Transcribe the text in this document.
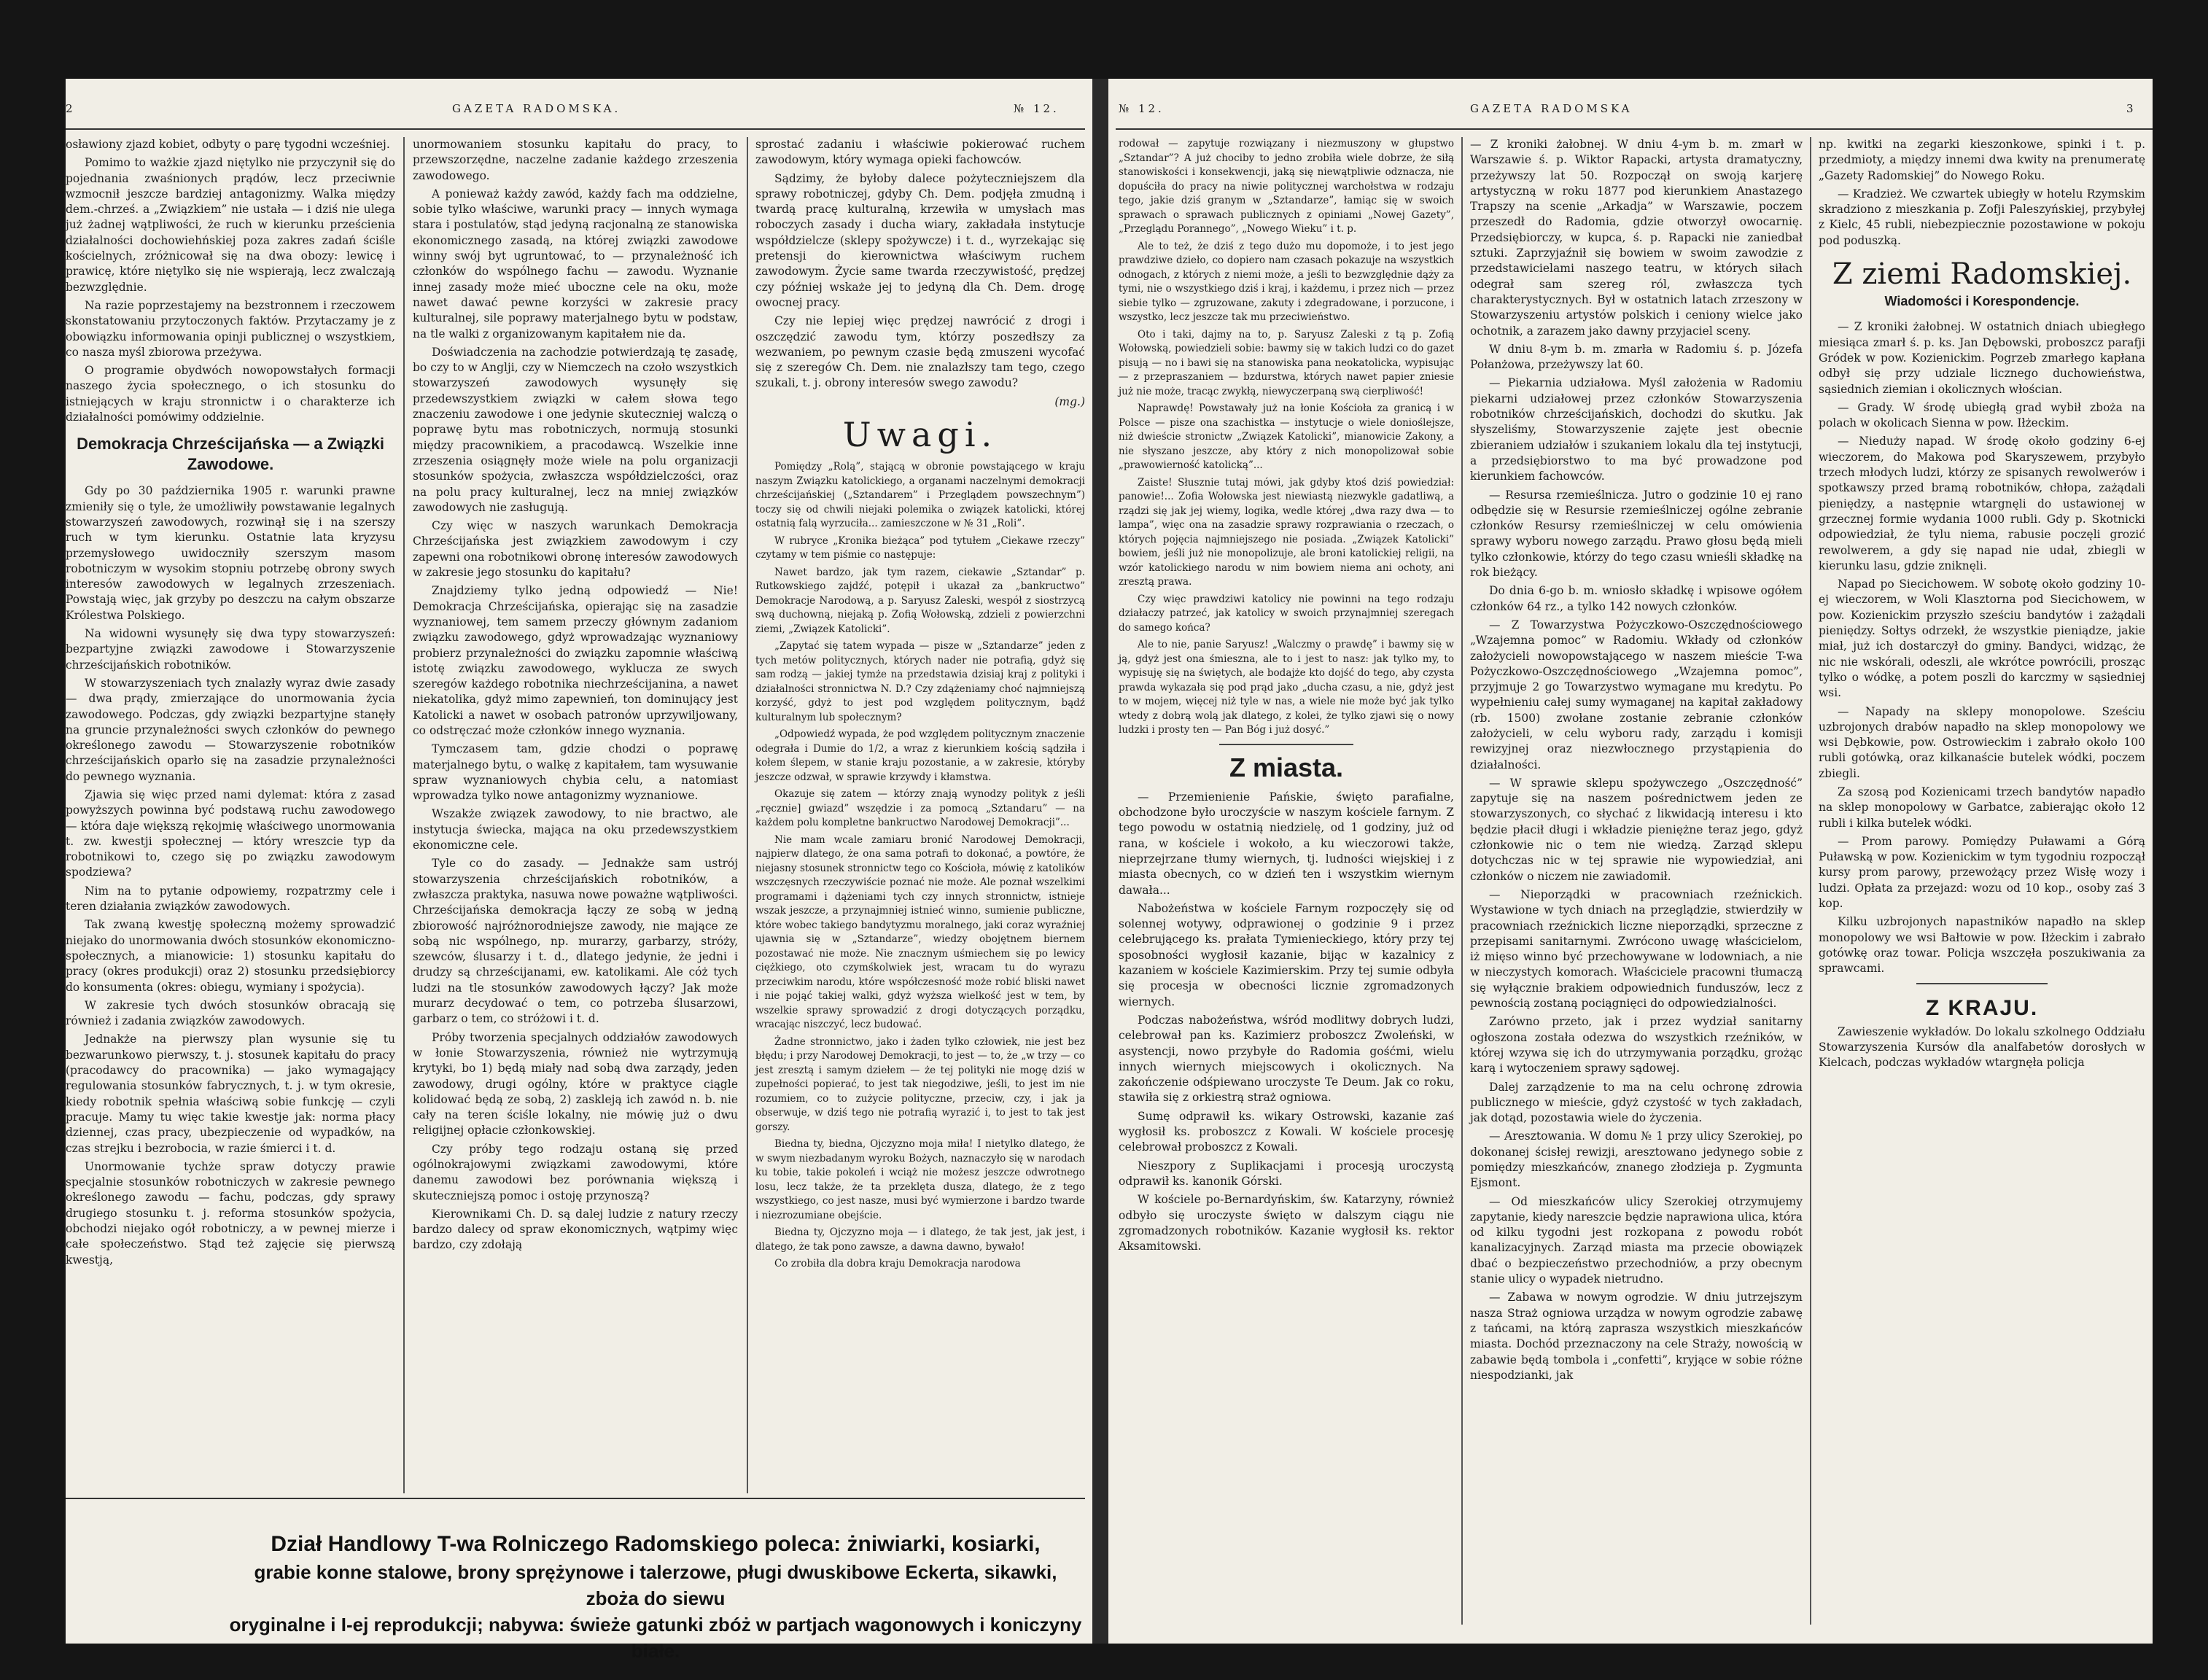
2	GAZETA RADOMSKA.	№ 12.

osławiony zjazd kobiet, odbyty o parę tygodni wcześniej.

Pomimo to ważkie zjazd niętylko nie przyczynił się do pojednania zwaśnionych prądów, lecz przeciwnie wzmocnił jeszcze bardziej antagonizmy. Walka między dem.-chrześ. a „Związkiem” nie ustała — i dziś nie ulega już żadnej wątpliwości, że ruch w kierunku prześcienia działalności dochowiehńskiej poza zakres zadań ściśle kościelnych, zróżnicował się na dwa obozy: lewicę i prawicę, które niętylko się nie wspierają, lecz zwalczają bezwzględnie.

Na razie poprzestajemy na bezstronnem i rzeczowem skonstatowaniu przytoczonych faktów. Przytaczamy je z obowiązku informowania opinji publicznej o wszystkiem, co nasza myśl zbiorowa przeżywa.

O programie obydwóch nowopowstałych formacji naszego życia społecznego, o ich stosunku do istniejących w kraju stronnictw i o charakterze ich działalności pomówimy oddzielnie.

Demokracja Chrześcijańska — a Związki Zawodowe.

Gdy po 30 października 1905 r. warunki prawne zmieniły się o tyle, że umożliwiły powstawanie legalnych stowarzyszeń zawodowych, rozwinął się i na szerszy ruch w tym kierunku. Ostatnie lata kryzysu przemysłowego uwidoczniły szerszym masom robotniczym w wysokim stopniu potrzebę obrony swych interesów zawodowych w legalnych zrzeszeniach. Powstają więc, jak grzyby po deszczu na całym obszarze Królestwa Polskiego.

Na widowni wysunęły się dwa typy stowarzyszeń: bezpartyjne związki zawodowe i Stowarzyszenie chrześcijańskich robotników.

W stowarzyszeniach tych znalazły wyraz dwie zasady — dwa prądy, zmierzające do unormowania życia zawodowego. Podczas, gdy związki bezpartyjne stanęły na gruncie przynależności swych członków do pewnego określonego zawodu — Stowarzyszenie robotników chrześcijańskich oparło się na zasadzie przynależności do pewnego wyznania.

Zjawia się więc przed nami dylemat: która z zasad powyższych powinna być podstawą ruchu zawodowego — która daje większą rękojmię właściwego unormowania t. zw. kwestji społecznej — który wreszcie typ da robotnikowi to, czego się po związku zawodowym spodziewa?

Nim na to pytanie odpowiemy, rozpatrzmy cele i teren działania związków zawodowych.

Tak zwaną kwestję społeczną możemy sprowadzić niejako do unormowania dwóch stosunków ekonomiczno-społecznych, a mianowicie: 1) stosunku kapitału do pracy (okres produkcji) oraz 2) stosunku przedsiębiorcy do konsumenta (okres: obiegu, wymiany i spożycia).

W zakresie tych dwóch stosunków obracają się również i zadania związków zawodowych.

Jednakże na pierwszy plan wysunie się tu bezwarunkowo pierwszy, t. j. stosunek kapitału do pracy (pracodawcy do pracownika) — jako wymagający regulowania stosunków fabrycznych, t. j. w tym okresie, kiedy robotnik spełnia właściwą sobie funkcję — czyli pracuje. Mamy tu więc takie kwestje jak: norma płacy dziennej, czas pracy, ubezpieczenie od wypadków, na czas strejku i bezrobocia, w razie śmierci i t. d.

Unormowanie tychże spraw dotyczy prawie specjalnie stosunków robotniczych w zakresie pewnego określonego zawodu — fachu, podczas, gdy sprawy drugiego stosunku t. j. reforma stosunków spożycia, obchodzi niejako ogół robotniczy, a w pewnej mierze i całe społeczeństwo. Stąd też zajęcie się pierwszą kwestją,

unormowaniem stosunku kapitału do pracy, to przewszorzędne, naczelne zadanie każdego zrzeszenia zawodowego.

A ponieważ każdy zawód, każdy fach ma oddzielne, sobie tylko właściwe, warunki pracy — innych wymaga stara i postulatów, stąd jedyną racjonalną ze stanowiska ekonomicznego zasadą, na której związki zawodowe winny swój byt ugruntować, to — przynależność ich członków do wspólnego fachu — zawodu. Wyznanie innej zasady może mieć uboczne cele na oku, może nawet dawać pewne korzyści w zakresie pracy kulturalnej, sile poprawy materjalnego bytu w podstaw, na tle walki z organizowanym kapitałem nie da.

Doświadczenia na zachodzie potwierdzają tę zasadę, bo czy to w Anglji, czy w Niemczech na czoło wszystkich stowarzyszeń zawodowych wysunęły się przedewszystkiem związki w całem słowa tego znaczeniu zawodowe i one jedynie skuteczniej walczą o poprawę bytu mas robotniczych, normują stosunki między pracownikiem, a pracodawcą. Wszelkie inne zrzeszenia osiągnęły może wiele na polu organizacji stosunków spożycia, zwłaszcza współdzielczości, oraz na polu pracy kulturalnej, lecz na mniej związków zawodowych nie zasługują.

Czy więc w naszych warunkach Demokracja Chrześcijańska jest związkiem zawodowym i czy zapewni ona robotnikowi obronę interesów zawodowych w zakresie jego stosunku do kapitału?

Znajdziemy tylko jedną odpowiedź — Nie! Demokracja Chrześcijańska, opierając się na zasadzie wyznaniowej, tem samem przeczy głównym zadaniom związku zawodowego, gdyż wprowadzając wyznaniowy probierz przynależności do związku zapomnie właściwą istotę związku zawodowego, wyklucza ze swych szeregów każdego robotnika niechrześcijanina, a nawet niekatolika, gdyż mimo zapewnień, ton dominujący jest Katolicki a nawet w osobach patronów uprzywiljowany, co odstręczać może członków innego wyznania.

Tymczasem tam, gdzie chodzi o poprawę materjalnego bytu, o walkę z kapitałem, tam wysuwanie spraw wyznaniowych chybia celu, a natomiast wprowadza tylko nowe antagonizmy wyznaniowe.

Wszakże związek zawodowy, to nie bractwo, ale instytucja świecka, mająca na oku przedewszystkiem ekonomiczne cele.

Tyle co do zasady. — Jednakże sam ustrój stowarzyszenia chrześcijańskich robotników, a zwłaszcza praktyka, nasuwa nowe poważne wątpliwości. Chrześcijańska demokracja łączy ze sobą w jedną zbiorowość najróżnorodniejsze zawody, nie mające ze sobą nic wspólnego, np. murarzy, garbarzy, stróży, szewców, ślusarzy i t. d., dlatego jedynie, że jedni i drudzy są chrześcijanami, ew. katolikami. Ale cóż tych ludzi na tle stosunków zawodowych łączy? Jak może murarz decydować o tem, co potrzeba ślusarzowi, garbarz o tem, co stróżowi i t. d.

Próby tworzenia specjalnych oddziałów zawodowych w łonie Stowarzyszenia, również nie wytrzymują krytyki, bo 1) będą miały nad sobą dwa zarządy, jeden zawodowy, drugi ogólny, które w praktyce ciągle kolidować będą ze sobą, 2) zaskleją ich zawód n. b. nie cały na teren ściśle lokalny, nie mówię już o dwu religijnej opłacie członkowskiej.

Czy próby tego rodzaju ostaną się przed ogólnokrajowymi związkami zawodowymi, które danemu zawodowi bez porównania większą i skuteczniejszą pomoc i ostoję przynoszą?

Kierownikami Ch. D. są dalej ludzie z natury rzeczy bardzo dalecy od spraw ekonomicznych, wątpimy więc bardzo, czy zdołają

sprostać zadaniu i właściwie pokierować ruchem zawodowym, który wymaga opieki fachowców.

Sądzimy, że byłoby dalece pożyteczniejszem dla sprawy robotniczej, gdyby Ch. Dem. podjęła zmudną i twardą pracę kulturalną, krzewiła w umysłach mas roboczych zasady i ducha wiary, zakładała instytucje współdzielcze (sklepy spożywcze) i t. d., wyrzekając się pretensji do kierownictwa właściwym ruchem zawodowym. Życie same twarda rzeczywistość, prędzej czy później wskaże jej to jedyną dla Ch. Dem. drogę owocnej pracy.

Czy nie lepiej więc prędzej nawrócić z drogi i oszczędzić zawodu tym, którzy poszedłszy za wezwaniem, po pewnym czasie będą zmuszeni wycofać się z szeregów Ch. Dem. nie znalazłszy tam tego, czego szukali, t. j. obrony interesów swego zawodu?

(mg.)
Uwagi.

Pomiędzy „Rolą”, stającą w obronie powstającego w kraju naszym Związku katolickiego, a organami naczelnymi demokracji chrześcijańskiej („Sztandarem” i Przeglądem powszechnym”) toczy się od chwili niejaki polemika o związek katolicki, której ostatnią falą wyrzuciła... zamieszczone w № 31 „Roli”.

W rubryce „Kronika bieżąca” pod tytułem „Ciekawe rzeczy” czytamy w tem piśmie co następuje:

Nawet bardzo, jak tym razem, ciekawie „Sztandar” p. Rutkowskiego zajdźć, potępił i ukazał za „bankructwo” Demokracje Narodową, a p. Saryusz Zaleski, wespół z siostrzycą swą duchowną, niejaką p. Zofią Wołowską, zdzieli z powierzchni ziemi, „Związek Katolicki”.

„Zapytać się tatem wypada — pisze w „Sztandarze” jeden z tych metów politycznych, których nader nie potrafią, gdyż się sam rodzą — jakiej tymże na przedstawia dzisiaj kraj z polityki i działalności stronnictwa N. D.? Czy zdążeniamy choć najmniejszą korzyść, gdyż to jest pod względem politycznym, bądź kulturalnym lub społecznym?

„Odpowiedź wypada, że pod względem politycznym znaczenie odegrała i Dumie do 1/2, a wraz z kierunkiem kością sądziła i kołem ślepem, w stanie kraju pozostanie, a w zakresie, któryby jeszcze odzwał, w sprawie krzywdy i kłamstwa.

Okazuje się zatem — którzy znają wynodzy polityk z jeśli „ręcznie] gwiazd” wszędzie i za pomocą „Sztandaru” — na każdem polu kompletne bankructwo Narodowej Demokracji”...

Nie mam wcale zamiaru bronić Narodowej Demokracji, najpierw dlatego, że ona sama potrafi to dokonać, a powtóre, że niejasny stosunek stronnictw tego co Kościoła, mówię z katolików wszczęsnych rzeczywiście poznać nie może. Ale poznał wszelkimi programami i dążeniami tych czy innych stronnictw, istnieje wszak jeszcze, a przynajmniej istnieć winno, sumienie publiczne, które wobec takiego bandytyzmu moralnego, jaki coraz wyraźniej ujawnia się w „Sztandarze”, wiedzy obojętnem biernem pozostawać nie może. Nie znacznym uśmiechem się po lewicy ciężkiego, oto czymśkolwiek jest, wracam tu do wyrazu przeciwkim narodu, które współczesność może robić bliski nawet i nie pojąć takiej walki, gdyż wyższa wielkość jest w tem, by wszelkie sprawy sprowadzić z drogi dotyczących porządku, wracając niszczyć, lecz budować.

Żadne stronnictwo, jako i żaden tylko człowiek, nie jest bez błędu; i przy Narodowej Demokracji, to jest — to, że „w trzy — co jest zresztą i samym dziełem — że tej polityki nie mogę dziś w zupełności popierać, to jest tak niegodziwe, jeśli, to jest im nie rozumiem, co to zużycie polityczne, przeciw, czy, i jak ja obserwuje, w dziś tego nie potrafią wyrazić i, to jest to tak jest gorszy.

Biedna ty, biedna, Ojczyzno moja miła! I nietylko dlatego, że w swym niezbadanym wyroku Bożych, naznaczyło się w narodach ku tobie, takie pokoleń i wciąż nie możesz jeszcze odwrotnego losu, lecz także, że ta przeklęta dusza, dlatego, że z tego wszystkiego, co jest nasze, musi być wymierzone i bardzo twarde i niezrozumiane obejście.

Biedna ty, Ojczyzno moja — i dlatego, że tak jest, jak jest, i dlatego, że tak pono zawsze, a dawna dawno, bywało!

Co zrobiła dla dobra kraju Demokracja narodowa

Dział Handlowy T-wa Rolniczego Radomskiego poleca: żniwiarki, kosiarki,
grabie konne stalowe, brony sprężynowe i talerzowe, pługi dwuskibowe Eckerta, sikawki, zboża do siewu
oryginalne i I-ej reprodukcji; nabywa: świeże gatunki zbóż w partjach wagonowych i koniczyny białe.
№ 12.	GAZETA RADOMSKA	3

rodował — zapytuje rozwiązany i niezmuszony w głupstwo „Sztandar”? A już chociby to jedno zrobiła wiele dobrze, że siłą stanowiskości i konsekwencji, jaką się niewątpliwie odznacza, nie dopuściła do pracy na niwie politycznej warchołstwa w rodzaju tego, jakie dziś granym w „Sztandarze”, łamiąc się w swoich sprawach o sprawach publicznych z opiniami „Nowej Gazety”, „Przeglądu Porannego”, „Nowego Wieku” i t. p.

Ale to też, że dziś z tego dużo mu dopomoże, i to jest jego prawdziwe dzieło, co dopiero nam czasach pokazuje na wszystkich odnogach, z których z niemi może, a jeśli to bezwzględnie dąży za tymi, nie o wszystkiego dziś i kraj, i każdemu, i przez nich — przez siebie tylko — zgruzowane, zakuty i zdegradowane, i porzucone, i wszystko, lecz jeszcze tak mu przeciwieństwo.

Oto i taki, dajmy na to, p. Saryusz Zaleski z tą p. Zofią Wołowską, powiedzieli sobie: bawmy się w takich ludzi co do gazet pisują — no i bawi się na stanowiska pana neokatolicka, wypisując — z przepraszaniem — bzdurstwa, których nawet papier zniesie już nie może, tracąc zwykłą, niewyczerpaną swą cierpliwość!

Naprawdę! Powstawały już na łonie Kościoła za granicą i w Polsce — pisze ona szachistka — instytucje o wiele donioślejsze, niż dwieście stronictw „Związek Katolicki”, mianowicie Zakony, a nie słyszano jeszcze, aby który z nich monopolizował sobie „prawowierność katolicką”...

Zaiste! Słusznie tutaj mówi, jak gdyby ktoś dziś powiedział: panowie!... Zofia Wołowska jest niewiastą niezwykle gadatliwą, a rządzi się jak jej wiemy, logika, wedle której „dwa razy dwa — to lampa”, więc ona na zasadzie sprawy rozprawiania o rzeczach, o których pojęcia najmniejszego nie posiada. „Związek Katolicki” bowiem, jeśli już nie monopolizuje, ale broni katolickiej religii, na wzór katolickiego narodu w nim bowiem niema ani ochoty, ani zresztą prawa.

Czy więc prawdziwi katolicy nie powinni na tego rodzaju działaczy patrzeć, jak katolicy w swoich przynajmniej szeregach do samego końca?

Ale to nie, panie Saryusz! „Walczmy o prawdę” i bawmy się w ją, gdyż jest ona śmieszna, ale to i jest to nasz: jak tylko my, to wypisuję się na świętych, ale bodajże kto dojść do tego, aby czysta prawda wykazała się pod prąd jako „ducha czasu, a nie, gdyż jest to w mojem, więcej niż tyle w nas, a wiele nie może być jak tylko wtedy z dobrą wolą jak dlatego, z kolei, że tylko zjawi się o nowy ludzki i prosty ten — Pan Bóg i już dosyć.”

Z miasta.

— Przemienienie Pańskie, święto parafialne, obchodzone było uroczyście w naszym kościele farnym. Z tego powodu w ostatnią niedzielę, od 1 godziny, już od rana, w kościele i wokoło, a ku wieczorowi także, nieprzejrzane tłumy wiernych, tj. ludności wiejskiej i z miasta obecnych, co w dzień ten i wszystkim wiernym dawała...

Nabożeństwa w kościele Farnym rozpoczęły się od solennej wotywy, odprawionej o godzinie 9 i przez celebrującego ks. prałata Tymienieckiego, który przy tej sposobności wygłosił kazanie, bijąc w kazalnicy z kazaniem w kościele Kazimierskim. Przy tej sumie odbyła się procesja w obecności licznie zgromadzonych wiernych.

Podczas nabożeństwa, wśród modlitwy dobrych ludzi, celebrował pan ks. Kazimierz proboszcz Zwoleński, w asystencji, nowo przybyłe do Radomia gośćmi, wielu innych wiernych miejscowych i okolicznych. Na zakończenie odśpiewano uroczyste Te Deum. Jak co roku, stawiła się z orkiestrą straż ogniowa.

Sumę odprawił ks. wikary Ostrowski, kazanie zaś wygłosił ks. proboszcz z Kowali. W kościele procesję celebrował proboszcz z Kowali.

Nieszpory z Suplikacjami i procesją uroczystą odprawił ks. kanonik Górski.

W kościele po-Bernardyńskim, św. Katarzyny, również odbyło się uroczyste święto w dalszym ciągu nie zgromadzonych robotników. Kazanie wygłosił ks. rektor Aksamitowski.

— Z kroniki żałobnej. W dniu 4-ym b. m. zmarł w Warszawie ś. p. Wiktor Rapacki, artysta dramatyczny, przeżywszy lat 50. Rozpoczął on swoją karjerę artystyczną w roku 1877 pod kierunkiem Anastazego Trapszy na scenie „Arkadja” w Warszawie, poczem przeszedł do Radomia, gdzie otworzył owocarnię. Przedsiębiorczy, w kupca, ś. p. Rapacki nie zaniedbał sztuki. Zaprzyjaźnił się bowiem w swoim zawodzie z przedstawicielami naszego teatru, w których siłach odegrał sam szereg ról, zwłaszcza tych charakterystycznych. Był w ostatnich latach zrzeszony w Stowarzyszeniu artystów polskich i ceniony wielce jako ochotnik, a zarazem jako dawny przyjaciel sceny.

W dniu 8-ym b. m. zmarła w Radomiu ś. p. Józefa Połanżowa, przeżywszy lat 60.

— Piekarnia udziałowa. Myśl założenia w Radomiu piekarni udziałowej przez członków Stowarzyszenia robotników chrześcijańskich, dochodzi do skutku. Jak słyszeliśmy, Stowarzyszenie zajęte jest obecnie zbieraniem udziałów i szukaniem lokalu dla tej instytucji, a przedsiębiorstwo to ma być prowadzone pod kierunkiem fachowców.

— Resursa rzemieślnicza. Jutro o godzinie 10 ej rano odbędzie się w Resursie rzemieślniczej ogólne zebranie członków Resursy rzemieślniczej w celu omówienia sprawy wyboru nowego zarządu. Prawo głosu będą mieli tylko członkowie, którzy do tego czasu wnieśli składkę na rok bieżący.

Do dnia 6-go b. m. wniosło składkę i wpisowe ogółem członków 64 rz., a tylko 142 nowych członków.

— Z Towarzystwa Pożyczkowo-Oszczędnościowego „Wzajemna pomoc” w Radomiu. Wkłady od członków założycieli nowopowstającego w naszem mieście T-wa Pożyczkowo-Oszczędnościowego „Wzajemna pomoc”, przyjmuje 2 go Towarzystwo wymagane mu kredytu. Po wypełnieniu całej sumy wymaganej na kapitał zakładowy (rb. 1500) zwołane zostanie zebranie członków założycieli, w celu wyboru rady, zarządu i komisji rewizyjnej oraz niezwłocznego przystąpienia do działalności.

— W sprawie sklepu spożywczego „Oszczędność” zapytuje się na naszem pośrednictwem jeden ze stowarzyszonych, co słychać z likwidacją interesu i kto będzie płacił długi i wkładzie pieniężne teraz jego, gdyż członkowie nic o tem nie wiedzą. Zarząd sklepu dotychczas nic w tej sprawie nie wypowiedział, ani członków o niczem nie zawiadomił.

— Nieporządki w pracowniach rzeźnickich. Wystawione w tych dniach na przeglądzie, stwierdziły w pracowniach rzeźnickich liczne nieporządki, sprzeczne z przepisami sanitarnymi. Zwrócono uwagę właścicielom, iż mięso winno być przechowywane w lodowniach, a nie w nieczystych komorach. Właściciele pracowni tłumaczą się wyłącznie brakiem odpowiednich funduszów, lecz z pewnością zostaną pociągnięci do odpowiedzialności.

Zarówno przeto, jak i przez wydział sanitarny ogłoszona została odezwa do wszystkich rzeźników, w której wzywa się ich do utrzymywania porządku, grożąc karą i wytoczeniem sprawy sądowej.

Dalej zarządzenie to ma na celu ochronę zdrowia publicznego w mieście, gdyż czystość w tych zakładach, jak dotąd, pozostawia wiele do życzenia.

— Aresztowania. W domu № 1 przy ulicy Szerokiej, po dokonanej ścisłej rewizji, aresztowano jedynego sobie z pomiędzy mieszkańców, znanego złodzieja p. Zygmunta Ejsmont.

— Od mieszkańców ulicy Szerokiej otrzymujemy zapytanie, kiedy nareszcie będzie naprawiona ulica, która od kilku tygodni jest rozkopana z powodu robót kanalizacyjnych. Zarząd miasta ma przecie obowiązek dbać o bezpieczeństwo przechodniów, a przy obecnym stanie ulicy o wypadek nietrudno.

— Zabawa w nowym ogrodzie. W dniu jutrzejszym nasza Straż ogniowa urządza w nowym ogrodzie zabawę z tańcami, na którą zaprasza wszystkich mieszkańców miasta. Dochód przeznaczony na cele Straży, nowością w zabawie będą tombola i „confetti”, kryjące w sobie różne niespodzianki, jak

np. kwitki na zegarki kieszonkowe, spinki i t. p. przedmioty, a między innemi dwa kwity na prenumeratę „Gazety Radomskiej” do Nowego Roku.

— Kradzież. We czwartek ubiegły w hotelu Rzymskim skradziono z mieszkania p. Zofji Paleszyńskiej, przybyłej z Kielc, 45 rubli, niebezpiecznie pozostawione w pokoju pod poduszką.

Z ziemi Radomskiej.
Wiadomości i Korespondencje.

— Z kroniki żałobnej. W ostatnich dniach ubiegłego miesiąca zmarł ś. p. ks. Jan Dębowski, proboszcz parafji Gródek w pow. Kozienickim. Pogrzeb zmarłego kapłana odbył się przy udziale licznego duchowieństwa, sąsiednich ziemian i okolicznych włościan.

— Grady. W środę ubiegłą grad wybił zboża na polach w okolicach Sienna w pow. Iłżeckim.

— Nieduży napad. W środę około godziny 6-ej wieczorem, do Makowa pod Skaryszewem, przybyło trzech młodych ludzi, którzy ze spisanych rewolwerów i spotkawszy przed bramą robotników, chłopa, zażądali pieniędzy, a następnie wtargnęli do ustawionej w grzecznej formie wydania 1000 rubli. Gdy p. Skotnicki odpowiedział, że tylu niema, rabusie poczęli grozić rewolwerem, a gdy się napad nie udał, zbiegli w kierunku lasu, gdzie zniknęli.

Napad po Siecichowem. W sobotę około godziny 10-ej wieczorem, w Woli Klasztorna pod Siecichowem, w pow. Kozienickim przyszło sześciu bandytów i zażądali pieniędzy. Sołtys odrzekł, że wszystkie pieniądze, jakie miał, już ich dostarczył do gminy. Bandyci, widząc, że nic nie wskórali, odeszli, ale wkrótce powrócili, prosząc tylko o wódkę, a potem poszli do karczmy w sąsiedniej wsi.

— Napady na sklepy monopolowe. Sześciu uzbrojonych drabów napadło na sklep monopolowy we wsi Dębkowie, pow. Ostrowieckim i zabrało około 100 rubli gotówką, oraz kilkanaście butelek wódki, poczem zbiegli.

Za szosą pod Kozienicami trzech bandytów napadło na sklep monopolowy w Garbatce, zabierając około 12 rubli i kilka butelek wódki.

— Prom parowy. Pomiędzy Puławami a Górą Puławską w pow. Kozienickim w tym tygodniu rozpoczął kursy prom parowy, przewożący przez Wisłę wozy i ludzi. Opłata za przejazd: wozu od 10 kop., osoby zaś 3 kop.

Kilku uzbrojonych napastników napadło na sklep monopolowy we wsi Bałtowie w pow. Iłżeckim i zabrało gotówkę oraz towar. Policja wszczęła poszukiwania za sprawcami.

Z KRAJU.

Zawieszenie wykładów. Do lokalu szkolnego Oddziału Stowarzyszenia Kursów dla analfabetów dorosłych w Kielcach, podczas wykładów wtargnęła policja
